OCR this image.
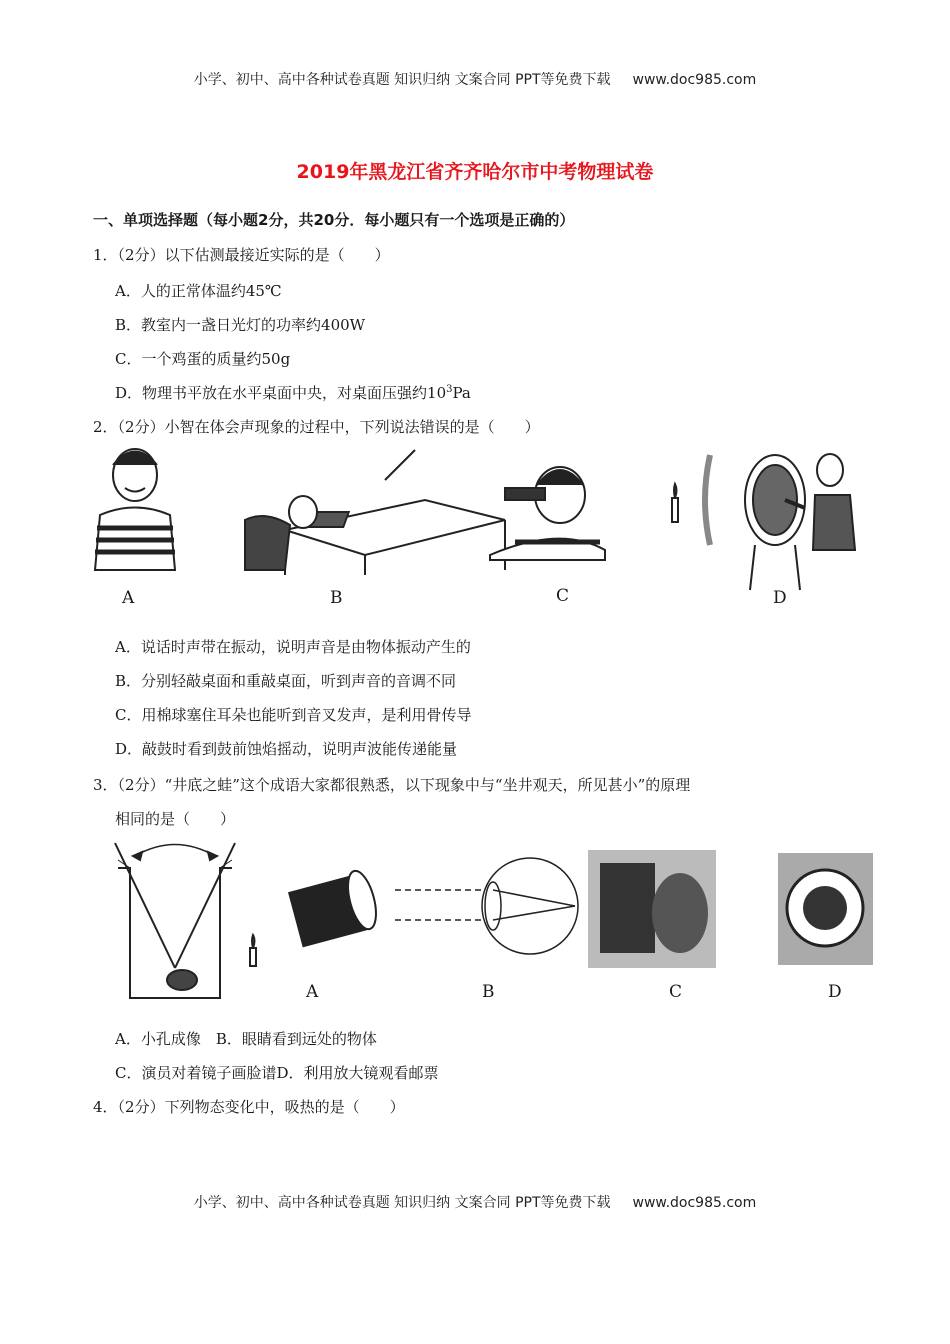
小学、初中、高中各种试卷真题 知识归纳 文案合同 PPT等免费下载 www.doc985.com
2019年黑龙江省齐齐哈尔市中考物理试卷
一、单项选择题（每小题2分，共20分．每小题只有一个选项是正确的）
1．（2分）以下估测最接近实际的是（　　）
A．人的正常体温约45℃
B．教室内一盏日光灯的功率约400W
C．一个鸡蛋的质量约50g
D．物理书平放在水平桌面中央，对桌面压强约$10^3Pa$
2．（2分）小智在体会声现象的过程中，下列说法错误的是（　　）
A	B	C	D
A．说话时声带在振动，说明声音是由物体振动产生的
B．分别轻敲桌面和重敲桌面，听到声音的音调不同
C．用棉球塞住耳朵也能听到音叉发声，是利用骨传导
D．敲鼓时看到鼓前蚀焰摇动，说明声波能传递能量
3．（2分）“井底之蛙”这个成语大家都很熟悉，以下现象中与“坐井观天，所见甚小”的原理
相同的是（　　）
A	B	C	D
A．小孔成像　B．眼睛看到远处的物体
C．演员对着镜子画脸谱D．利用放大镜观看邮票
4．（2分）下列物态变化中，吸热的是（　　）
小学、初中、高中各种试卷真题 知识归纳 文案合同 PPT等免费下载 www.doc985.com
